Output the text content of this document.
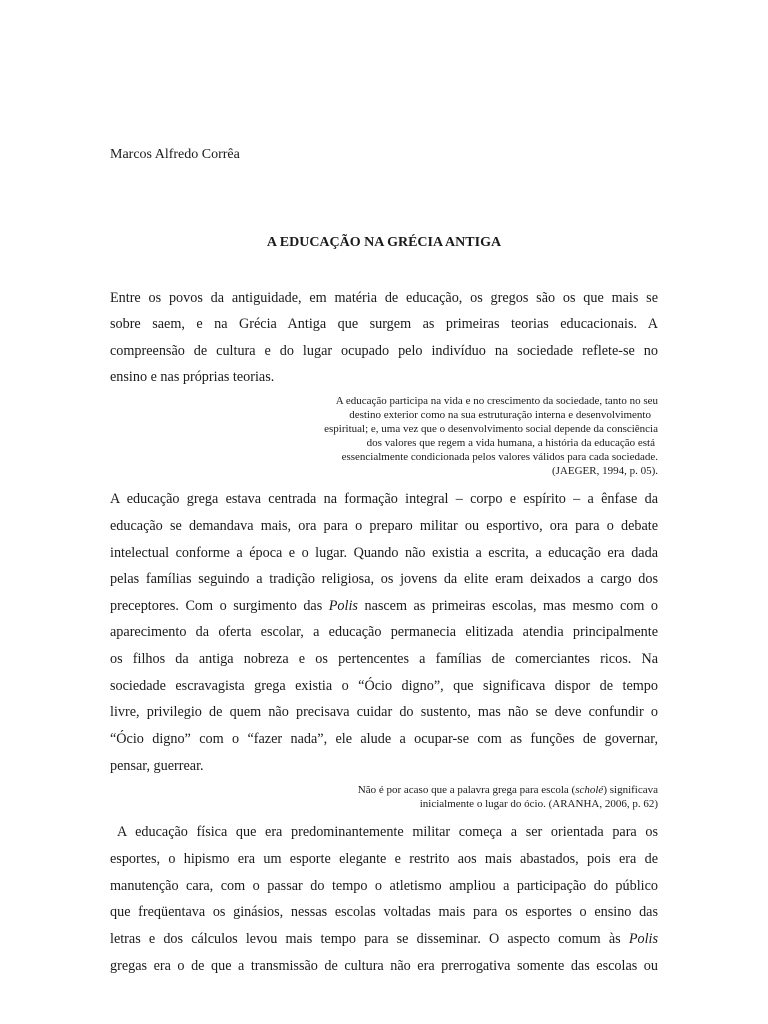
Marcos Alfredo Corrêa
A EDUCAÇÃO NA GRÉCIA ANTIGA
Entre os povos da antiguidade, em matéria de educação, os gregos são os que mais se
sobre saem, e na Grécia Antiga que surgem as primeiras teorias educacionais. A
compreensão de cultura e do lugar ocupado pelo indivíduo na sociedade reflete-se no
ensino e nas próprias teorias.
A educação participa na vida e no crescimento da sociedade, tanto no seu
destino exterior como na sua estruturação interna e desenvolvimento
espiritual; e, uma vez que o desenvolvimento social depende da consciência
dos valores que regem a vida humana, a história da educação está
essencialmente condicionada pelos valores válidos para cada sociedade.
(JAEGER, 1994, p. 05).
A educação grega estava centrada na formação integral – corpo e espírito – a ênfase da
educação se demandava mais, ora para o preparo militar ou esportivo, ora para o debate
intelectual conforme a época e o lugar. Quando não existia a escrita, a educação era dada
pelas famílias seguindo a tradição religiosa, os jovens da elite eram deixados a cargo dos
preceptores. Com o surgimento das Polis nascem as primeiras escolas, mas mesmo com o
aparecimento da oferta escolar, a educação permanecia elitizada atendia principalmente
os filhos da antiga nobreza e os pertencentes a famílias de comerciantes ricos. Na
sociedade escravagista grega existia o “Ócio digno”, que significava dispor de tempo
livre, privilegio de quem não precisava cuidar do sustento, mas não se deve confundir o
“Ócio digno” com o “fazer nada”, ele alude a ocupar-se com as funções de governar,
pensar, guerrear.
Não é por acaso que a palavra grega para escola (scholé) significava
inicialmente o lugar do ócio. (ARANHA, 2006, p. 62)
A educação física que era predominantemente militar começa a ser orientada para os
esportes, o hipismo era um esporte elegante e restrito aos mais abastados, pois era de
manutenção cara, com o passar do tempo o atletismo ampliou a participação do público
que freqüentava os ginásios, nessas escolas voltadas mais para os esportes o ensino das
letras e dos cálculos levou mais tempo para se disseminar. O aspecto comum às Polis
gregas era o de que a transmissão de cultura não era prerrogativa somente das escolas ou
